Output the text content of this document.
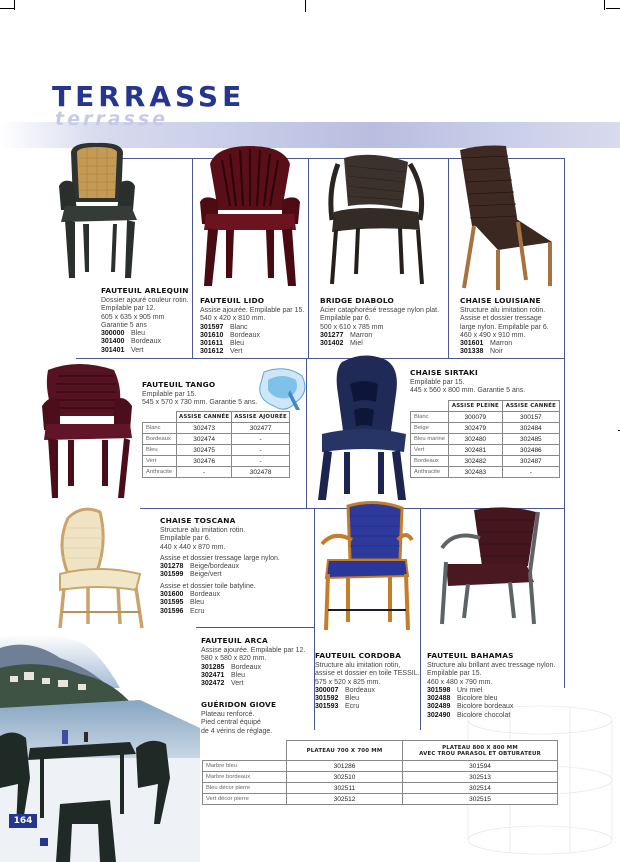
TERRASSE
terrasse
FAUTEUIL ARLEQUIN
Dossier ajouré couleur rotin.
Empilable par 12.
605 x 635 x 905 mm
Garantie 5 ans
300000 Bleu
301400 Bordeaux
301401 Vert
FAUTEUIL LIDO
Assise ajourée. Empilable par 15.
540 x 420 x 810 mm.
301597 Blanc
301610 Bordeaux
301611 Bleu
301612 Vert
BRIDGE DIABOLO
Acier cataphorésé tressage nylon plat.
Empilable par 6.
500 x 610 x 785 mm
301277 Marron
301402 Miel
CHAISE LOUISIANE
Structure alu imitation rotin.
Assise et dossier tressage
large nylon. Empilable par 6.
460 x 490 x 910 mm.
301601 Marron
301338 Noir
FAUTEUIL TANGO
Empilable par 15.
545 x 570 x 730 mm. Garantie 5 ans.
	ASSISE CANNÉE	ASSISE AJOURÉE
Blanc	302473	302477
Bordeaux	302474	-
Bleu	302475	-
Vert	302476	-
Anthracite	-	302478
CHAISE SIRTAKI
Empilable par 15.
445 x 560 x 800 mm. Garantie 5 ans.
	ASSISE PLEINE	ASSISE CANNÉE
Blanc	300079	300157
Beige	302479	302484
Bleu marine	302480	302485
Vert	302481	302486
Bordeaux	302482	302487
Anthracite	302483	-
CHAISE TOSCANA
Structure alu imitation rotin.
Empilable par 6.
440 x 440 x 870 mm.
Assise et dossier tressage large nylon.
301278 Beige/bordeaux
301599 Beige/vert
Assise et dossier toile batyline.
301600 Bordeaux
301595 Bleu
301596 Ecru
FAUTEUIL ARCA
Assise ajourée. Empilable par 12.
580 x 580 x 820 mm.
301285 Bordeaux
302471 Bleu
302472 Vert
GUÉRIDON GIOVE
Plateau renforcé.
Pied central équipé
de 4 vérins de réglage.
FAUTEUIL CORDOBA
Structure alu imitation rotin,
assise et dossier en toile TESSIL.
575 x 520 x 825 mm.
300007 Bordeaux
301592 Bleu
301593 Ecru
FAUTEUIL BAHAMAS
Structure alu brillant avec tressage nylon.
Empilable par 15.
460 x 480 x 790 mm.
301598 Uni miel
302488 Bicolore bleu
302489 Bicolore bordeaux
302490 Bicolore chocolat
	PLATEAU 700 X 700 MM	PLATEAU 800 X 800 MM
AVEC TROU PARASOL ET OBTURATEUR

Marbre bleu	301286	301594
Marbre bordeaux	302510	302513
Bleu décor pierre	302511	302514
Vert décor pierre	302512	302515
164
